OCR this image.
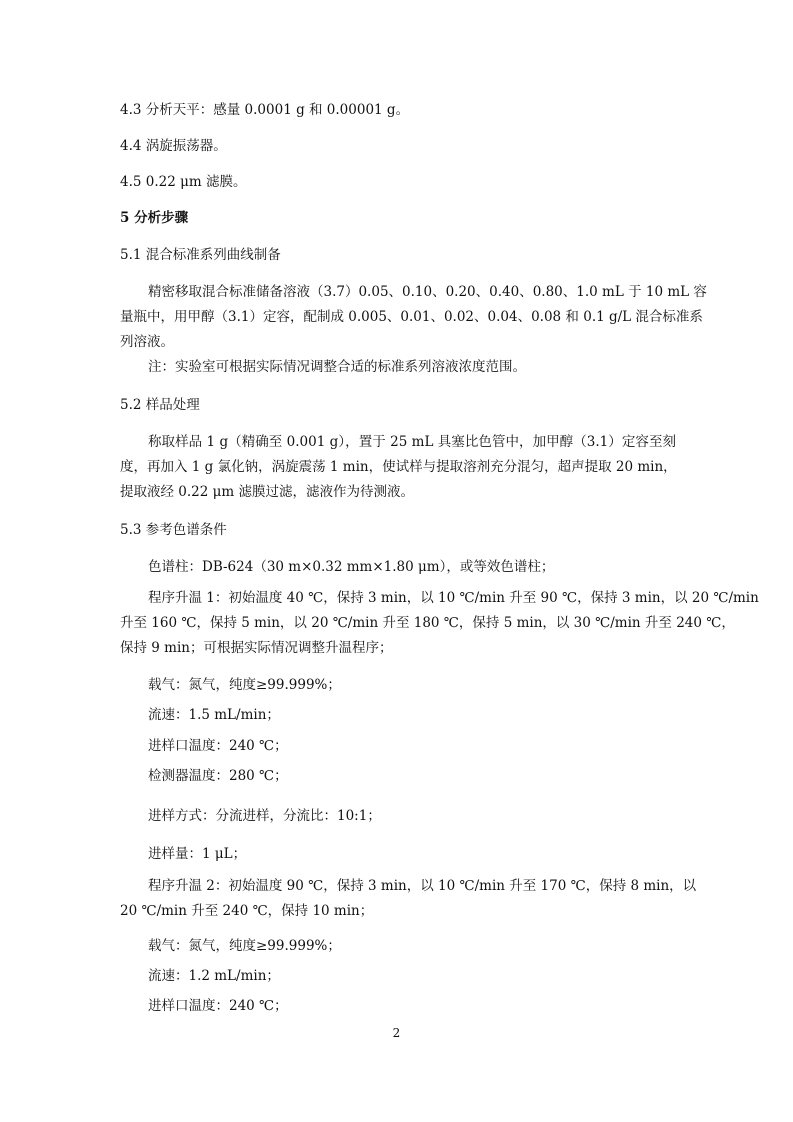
4.3 分析天平：感量 0.0001 g 和 0.00001 g。
4.4 涡旋振荡器。
4.5 0.22 μm 滤膜。
5 分析步骤
5.1 混合标准系列曲线制备
精密移取混合标准储备溶液（3.7）0.05、0.10、0.20、0.40、0.80、1.0 mL 于 10 mL 容
量瓶中，用甲醇（3.1）定容，配制成 0.005、0.01、0.02、0.04、0.08 和 0.1 g/L 混合标准系
列溶液。
注：实验室可根据实际情况调整合适的标准系列溶液浓度范围。
5.2 样品处理
称取样品 1 g（精确至 0.001 g），置于 25 mL 具塞比色管中，加甲醇（3.1）定容至刻
度，再加入 1 g 氯化钠，涡旋震荡 1 min，使试样与提取溶剂充分混匀，超声提取 20 min，
提取液经 0.22 μm 滤膜过滤，滤液作为待测液。
5.3 参考色谱条件
色谱柱：DB-624（30 m×0.32 mm×1.80 μm），或等效色谱柱；
程序升温 1：初始温度 40 ℃，保持 3 min，以 10 ℃/min 升至 90 ℃，保持 3 min，以 20 ℃/min
升至 160 ℃，保持 5 min，以 20 ℃/min 升至 180 ℃，保持 5 min，以 30 ℃/min 升至 240 ℃，
保持 9 min；可根据实际情况调整升温程序；
载气：氮气，纯度≥99.999%；
流速：1.5 mL/min；
进样口温度：240 ℃；
检测器温度：280 ℃；
进样方式：分流进样，分流比：10:1；
进样量：1 μL；
程序升温 2：初始温度 90 ℃，保持 3 min，以 10 ℃/min 升至 170 ℃，保持 8 min，以
20 ℃/min 升至 240 ℃，保持 10 min；
载气：氮气，纯度≥99.999%；
流速：1.2 mL/min；
进样口温度：240 ℃；
2
